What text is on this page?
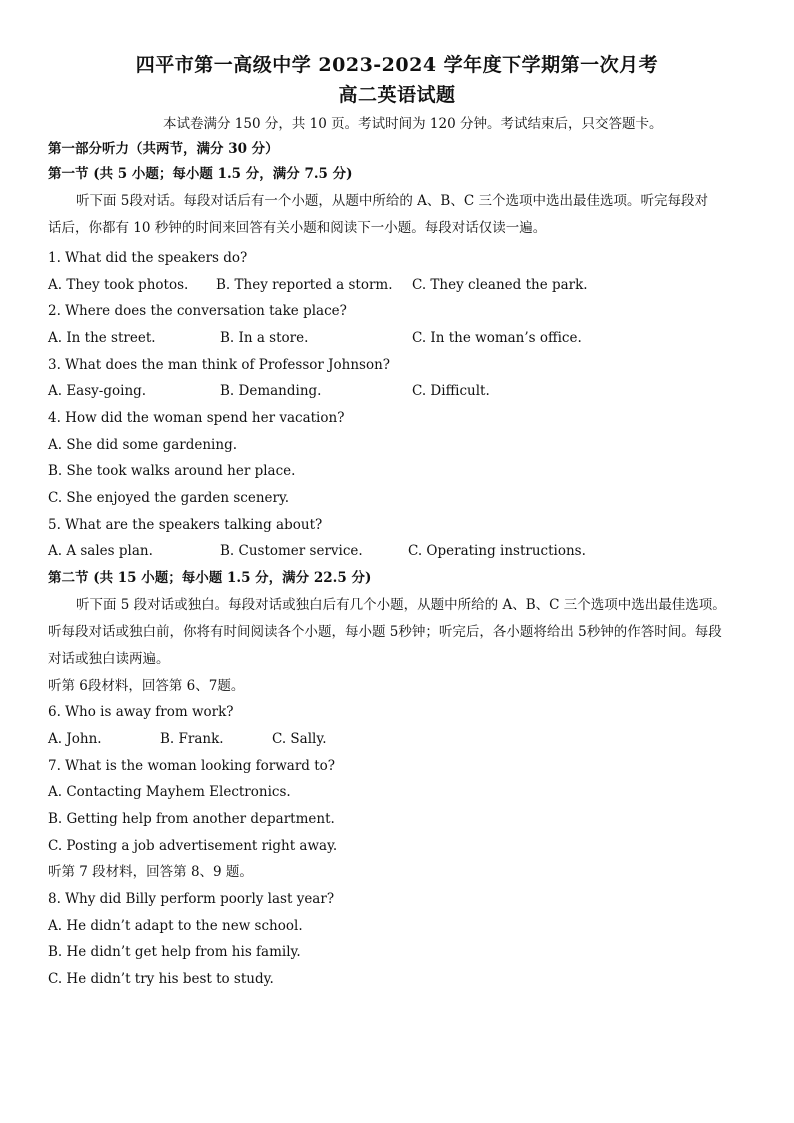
四平市第一高级中学 2023-2024 学年度下学期第一次月考
高二英语试题
本试卷满分 150 分，共 10 页。考试时间为 120 分钟。考试结束后，只交答题卡。
第一部分听力（共两节，满分 30 分）
第一节 (共 5 小题；每小题 1.5 分，满分 7.5 分)
听下面 5段对话。每段对话后有一个小题，从题中所给的 A、B、C 三个选项中选出最佳选项。听完每段对
话后，你都有 10 秒钟的时间来回答有关小题和阅读下一小题。每段对话仅读一遍。
1. What did the speakers do?
A. They took photos. B. They reported a storm. C. They cleaned the park.
2. Where does the conversation take place?
A. In the street.	B. In a store.	C. In the woman’s office.
3. What does the man think of Professor Johnson?
A. Easy-going.	B. Demanding.	C. Difficult.
4. How did the woman spend her vacation?
A. She did some gardening.
B. She took walks around her place.
C. She enjoyed the garden scenery.
5. What are the speakers talking about?
A. A sales plan.	B. Customer service.	C. Operating instructions.
第二节 (共 15 小题；每小题 1.5 分，满分 22.5 分)
听下面 5 段对话或独白。每段对话或独白后有几个小题，从题中所给的 A、B、C 三个选项中选出最佳选项。
听每段对话或独白前，你将有时间阅读各个小题，每小题 5秒钟；听完后，各小题将给出 5秒钟的作答时间。每段
对话或独白读两遍。
听第 6段材料，回答第 6、7题。
6. Who is away from work?
A. John.	B. Frank.	C. Sally.
7. What is the woman looking forward to?
A. Contacting Mayhem Electronics.
B. Getting help from another department.
C. Posting a job advertisement right away.
听第 7 段材料，回答第 8、9 题。
8. Why did Billy perform poorly last year?
A. He didn’t adapt to the new school.
B. He didn’t get help from his family.
C. He didn’t try his best to study.
